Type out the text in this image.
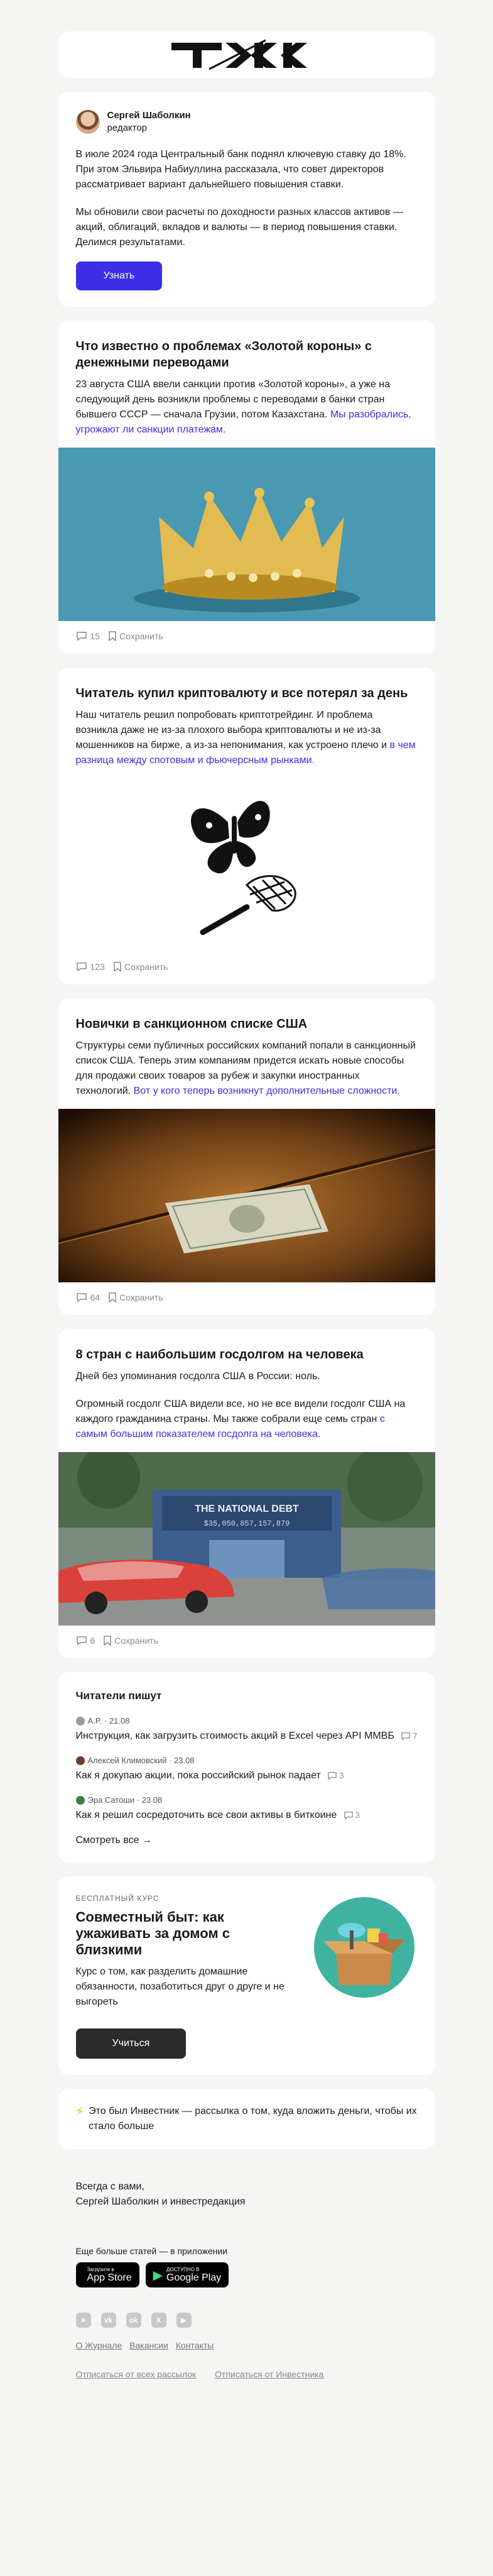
Сергей Шаболкин
редактор

В июле 2024 года Центральный банк поднял ключевую ставку до 18%. При этом Эльвира Набиуллина рассказала, что совет директоров рассматривает вариант дальнейшего повышения ставки.

Мы обновили свои расчеты по доходности разных классов активов — акций, облигаций, вкладов и валюты — в период повышения ставки. Делимся результатами.

Узнать
Что известно о проблемах «Золотой короны» с денежными переводами

23 августа США ввели санкции против «Золотой короны», а уже на следующий день возникли проблемы с переводами в банки стран бывшего СССР — сначала Грузии, потом Казахстана. Мы разобрались, угрожают ли санкции платежам.

15 Сохранить
Читатель купил криптовалюту и все потерял за день

Наш читатель решил попробовать криптотрейдинг. И проблема возникла даже не из-за плохого выбора криптовалюты и не из-за мошенников на бирже, а из-за непонимания, как устроено плечо и в чем разница между спотовым и фьючерсным рынками.

123 Сохранить
Новички в санкционном списке США

Структуры семи публичных российских компаний попали в санкционный список США. Теперь этим компаниям придется искать новые способы для продажи своих товаров за рубеж и закупки иностранных технологий. Вот у кого теперь возникнут дополнительные сложности.

64 Сохранить
8 стран с наибольшим госдолгом на человека

Дней без упоминания госдолга США в России: ноль.

Огромный госдолг США видели все, но не все видели госдолг США на каждого гражданина страны. Мы также собрали еще семь стран с самым большим показателем госдолга на человека.

THE NATIONAL DEBT
$35,050,857,157,879
6 Сохранить
Читатели пишут
A.P. · 21.08
Инструкция, как загрузить стоимость акций в Excel через API ММВБ 7
Алексей Климовский · 23.08
Как я докупаю акции, пока российский рынок падает 3
Эра Сатоши · 23.08
Как я решил сосредоточить все свои активы в биткоине 3
Смотреть все →
БЕСПЛАТНЫЙ КУРС
Совместный быт: как ужаживать за домом с близкими
Курс о том, как разделить домашние обязанности, позаботиться друг о друге и не выгореть
Учиться
⚡ Это был Инвестник — рассылка о том, куда вложить деньги, чтобы их стало больше
Всегда с вами,
Сергей Шаболкин и инвестредакция
Еще больше статей — в приложении
Загрузите в
App Store ▶ ДОСТУПНО В
Google Play
➤	vk	ok	X	▶
О Журнале Вакансии Контакты
Отписаться от всех рассылок Отписаться от Инвестника
